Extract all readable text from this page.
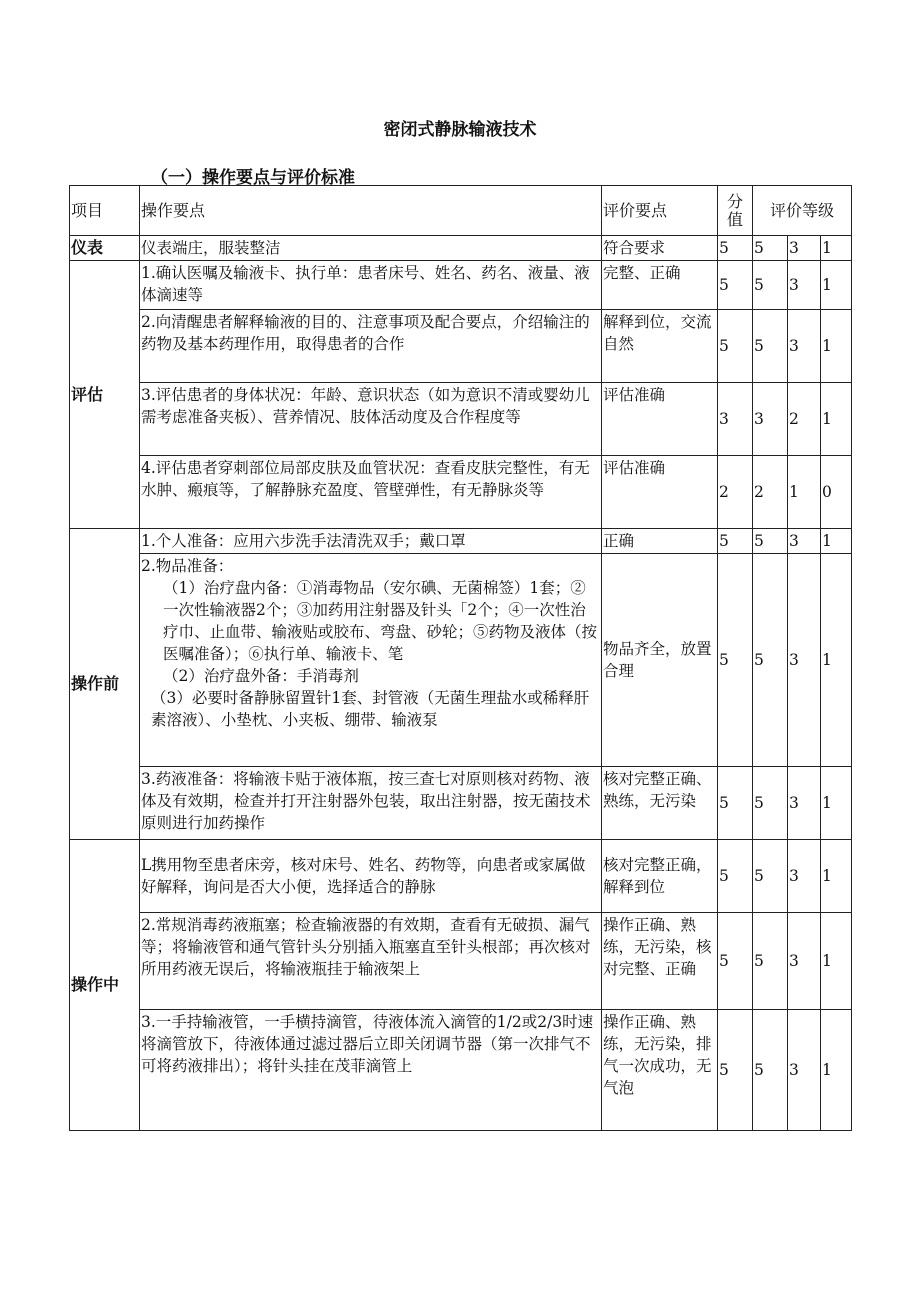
密闭式静脉输液技术
（一）操作要点与评价标准
项目	操作要点	评价要点	分
值	评价等级		
仪表	仪表端庄，服装整洁	符合要求	5	5	3	1
评估	1.确认医嘱及输液卡、执行单：患者床号、姓名、药名、液量、液体滴速等	完整、正确	5	5	3	1
	2.向清醒患者解释输液的目的、注意事项及配合要点，介绍输注的药物及基本药理作用，取得患者的合作	解释到位，交流自然	5	5	3	1
	3.评估患者的身体状况：年龄、意识状态（如为意识不清或婴幼儿需考虑准备夹板）、营养情况、肢体活动度及合作程度等	评估准确	3	3	2	1
	4.评估患者穿刺部位局部皮肤及血管状况：查看皮肤完整性，有无水肿、瘢痕等，了解静脉充盈度、管壁弹性，有无静脉炎等	评估准确	2	2	1	0
操作前	1.个人准备：应用六步洗手法清洗双手；戴口罩	正确	5	5	3	1

	2.物品准备：
（1）治疗盘内备：①消毒物品（安尔碘、无菌棉签）1套；②一次性输液器2个；③加药用注射器及针头「2个；④一次性治疗巾、止血带、输液贴或胶布、弯盘、砂轮；⑤药物及液体（按医嘱准备）；⑥执行单、输液卡、笔
（2）治疗盘外备：手消毒剂
（3）必要时备静脉留置针1套、封管液（无菌生理盐水或稀释肝素溶液）、小垫枕、小夹板、绷带、输液泵	物品齐全，放置合理	5	5	3	1
	3.药液准备：将输液卡贴于液体瓶，按三查七对原则核对药物、液体及有效期，检查并打开注射器外包装，取出注射器，按无菌技术原则进行加药操作	核对完整正确、熟练，无污染	5	5	3	1
操作中	L携用物至患者床旁，核对床号、姓名、药物等，向患者或家属做好解释，询问是否大小便，选择适合的静脉	核对完整正确，解释到位	5	5	3	1
	2.常规消毒药液瓶塞；检查输液器的有效期，查看有无破损、漏气等；将输液管和通气管针头分别插入瓶塞直至针头根部；再次核对所用药液无误后，将输液瓶挂于输液架上	操作正确、熟练，无污染，核对完整、正确	5	5	3	1
	3.一手持输液管，一手横持滴管，待液体流入滴管的1/2或2/3时速将滴管放下，待液体通过滤过器后立即关闭调节器（第一次排气不可将药液排出）；将针头挂在茂菲滴管上	操作正确、熟练，无污染，排气一次成功，无气泡	5	5	3	1
